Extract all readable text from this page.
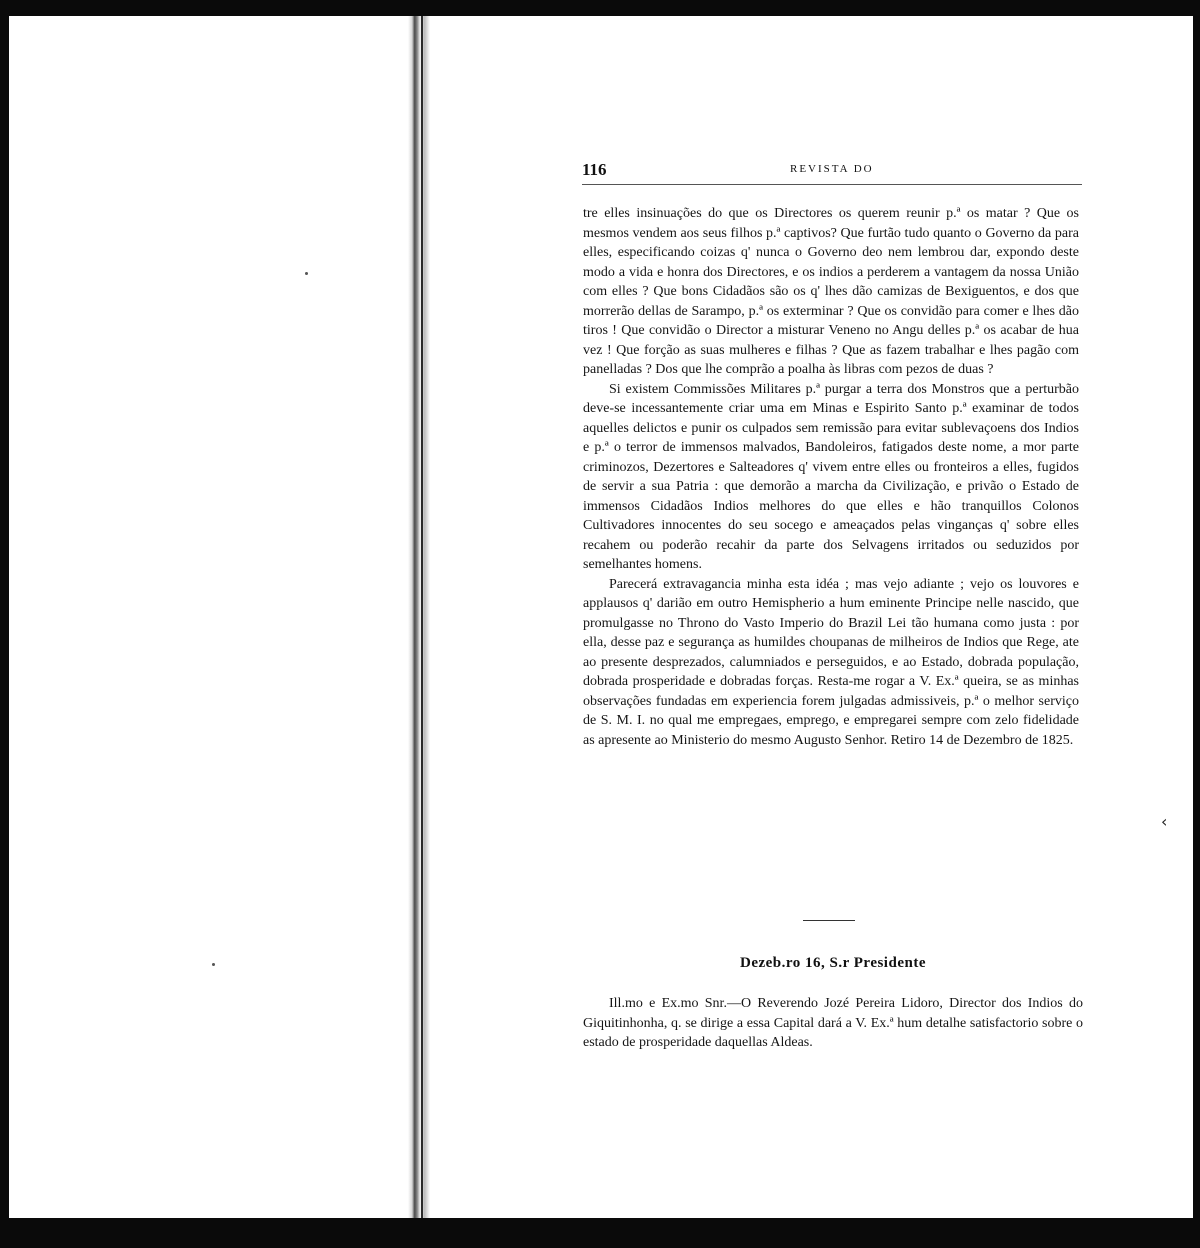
116	REVISTA DO

tre elles insinuações do que os Directores os querem reunir p.ª os matar ? Que os mesmos vendem aos seus filhos p.ª captivos? Que furtão tudo quanto o Governo da para elles, especificando coizas q' nunca o Governo deo nem lembrou dar, expondo deste modo a vida e honra dos Directores, e os indios a perderem a vantagem da nossa União com elles ? Que bons Cidadãos são os q' lhes dão camizas de Bexiguentos, e dos que morrerão dellas de Sarampo, p.ª os exterminar ? Que os convidão para comer e lhes dão tiros ! Que convidão o Director a misturar Veneno no Angu delles p.ª os acabar de hua vez ! Que forção as suas mulheres e filhas ? Que as fazem trabalhar e lhes pagão com panelladas ? Dos que lhe comprão a poalha às libras com pezos de duas ?

Si existem Commissões Militares p.ª purgar a terra dos Monstros que a perturbão deve-se incessantemente criar uma em Minas e Espirito Santo p.ª examinar de todos aquelles delictos e punir os culpados sem remissão para evitar sublevaçoens dos Indios e p.ª o terror de immensos malvados, Bandoleiros, fatigados deste nome, a mor parte criminozos, Dezertores e Salteadores q' vivem entre elles ou fronteiros a elles, fugidos de servir a sua Patria : que demorão a marcha da Civilização, e privão o Estado de immensos Cidadãos Indios melhores do que elles e hão tranquillos Colonos Cultivadores innocentes do seu socego e ameaçados pelas vinganças q' sobre elles recahem ou poderão recahir da parte dos Selvagens irritados ou seduzidos por semelhantes homens.

Parecerá extravagancia minha esta idéa ; mas vejo adiante ; vejo os louvores e applausos q' darião em outro Hemispherio a hum eminente Principe nelle nascido, que promulgasse no Throno do Vasto Imperio do Brazil Lei tão humana como justa : por ella, desse paz e segurança as humildes choupanas de milheiros de Indios que Rege, ate ao presente desprezados, calumniados e perseguidos, e ao Estado, dobrada população, dobrada prosperidade e dobradas forças. Resta-me rogar a V. Ex.ª queira, se as minhas observações fundadas em experiencia forem julgadas admissiveis, p.ª o melhor serviço de S. M. I. no qual me empregaes, emprego, e empregarei sempre com zelo fidelidade as apresente ao Ministerio do mesmo Augusto Senhor. Retiro 14 de Dezembro de 1825.

Dezeb.ro 16, S.r Presidente

Ill.mo e Ex.mo Snr.—O Reverendo Jozé Pereira Lidoro, Director dos Indios do Giquitinhonha, q. se dirige a essa Capital dará a V. Ex.ª hum detalhe satisfactorio sobre o estado de prosperidade daquellas Aldeas.

‹
